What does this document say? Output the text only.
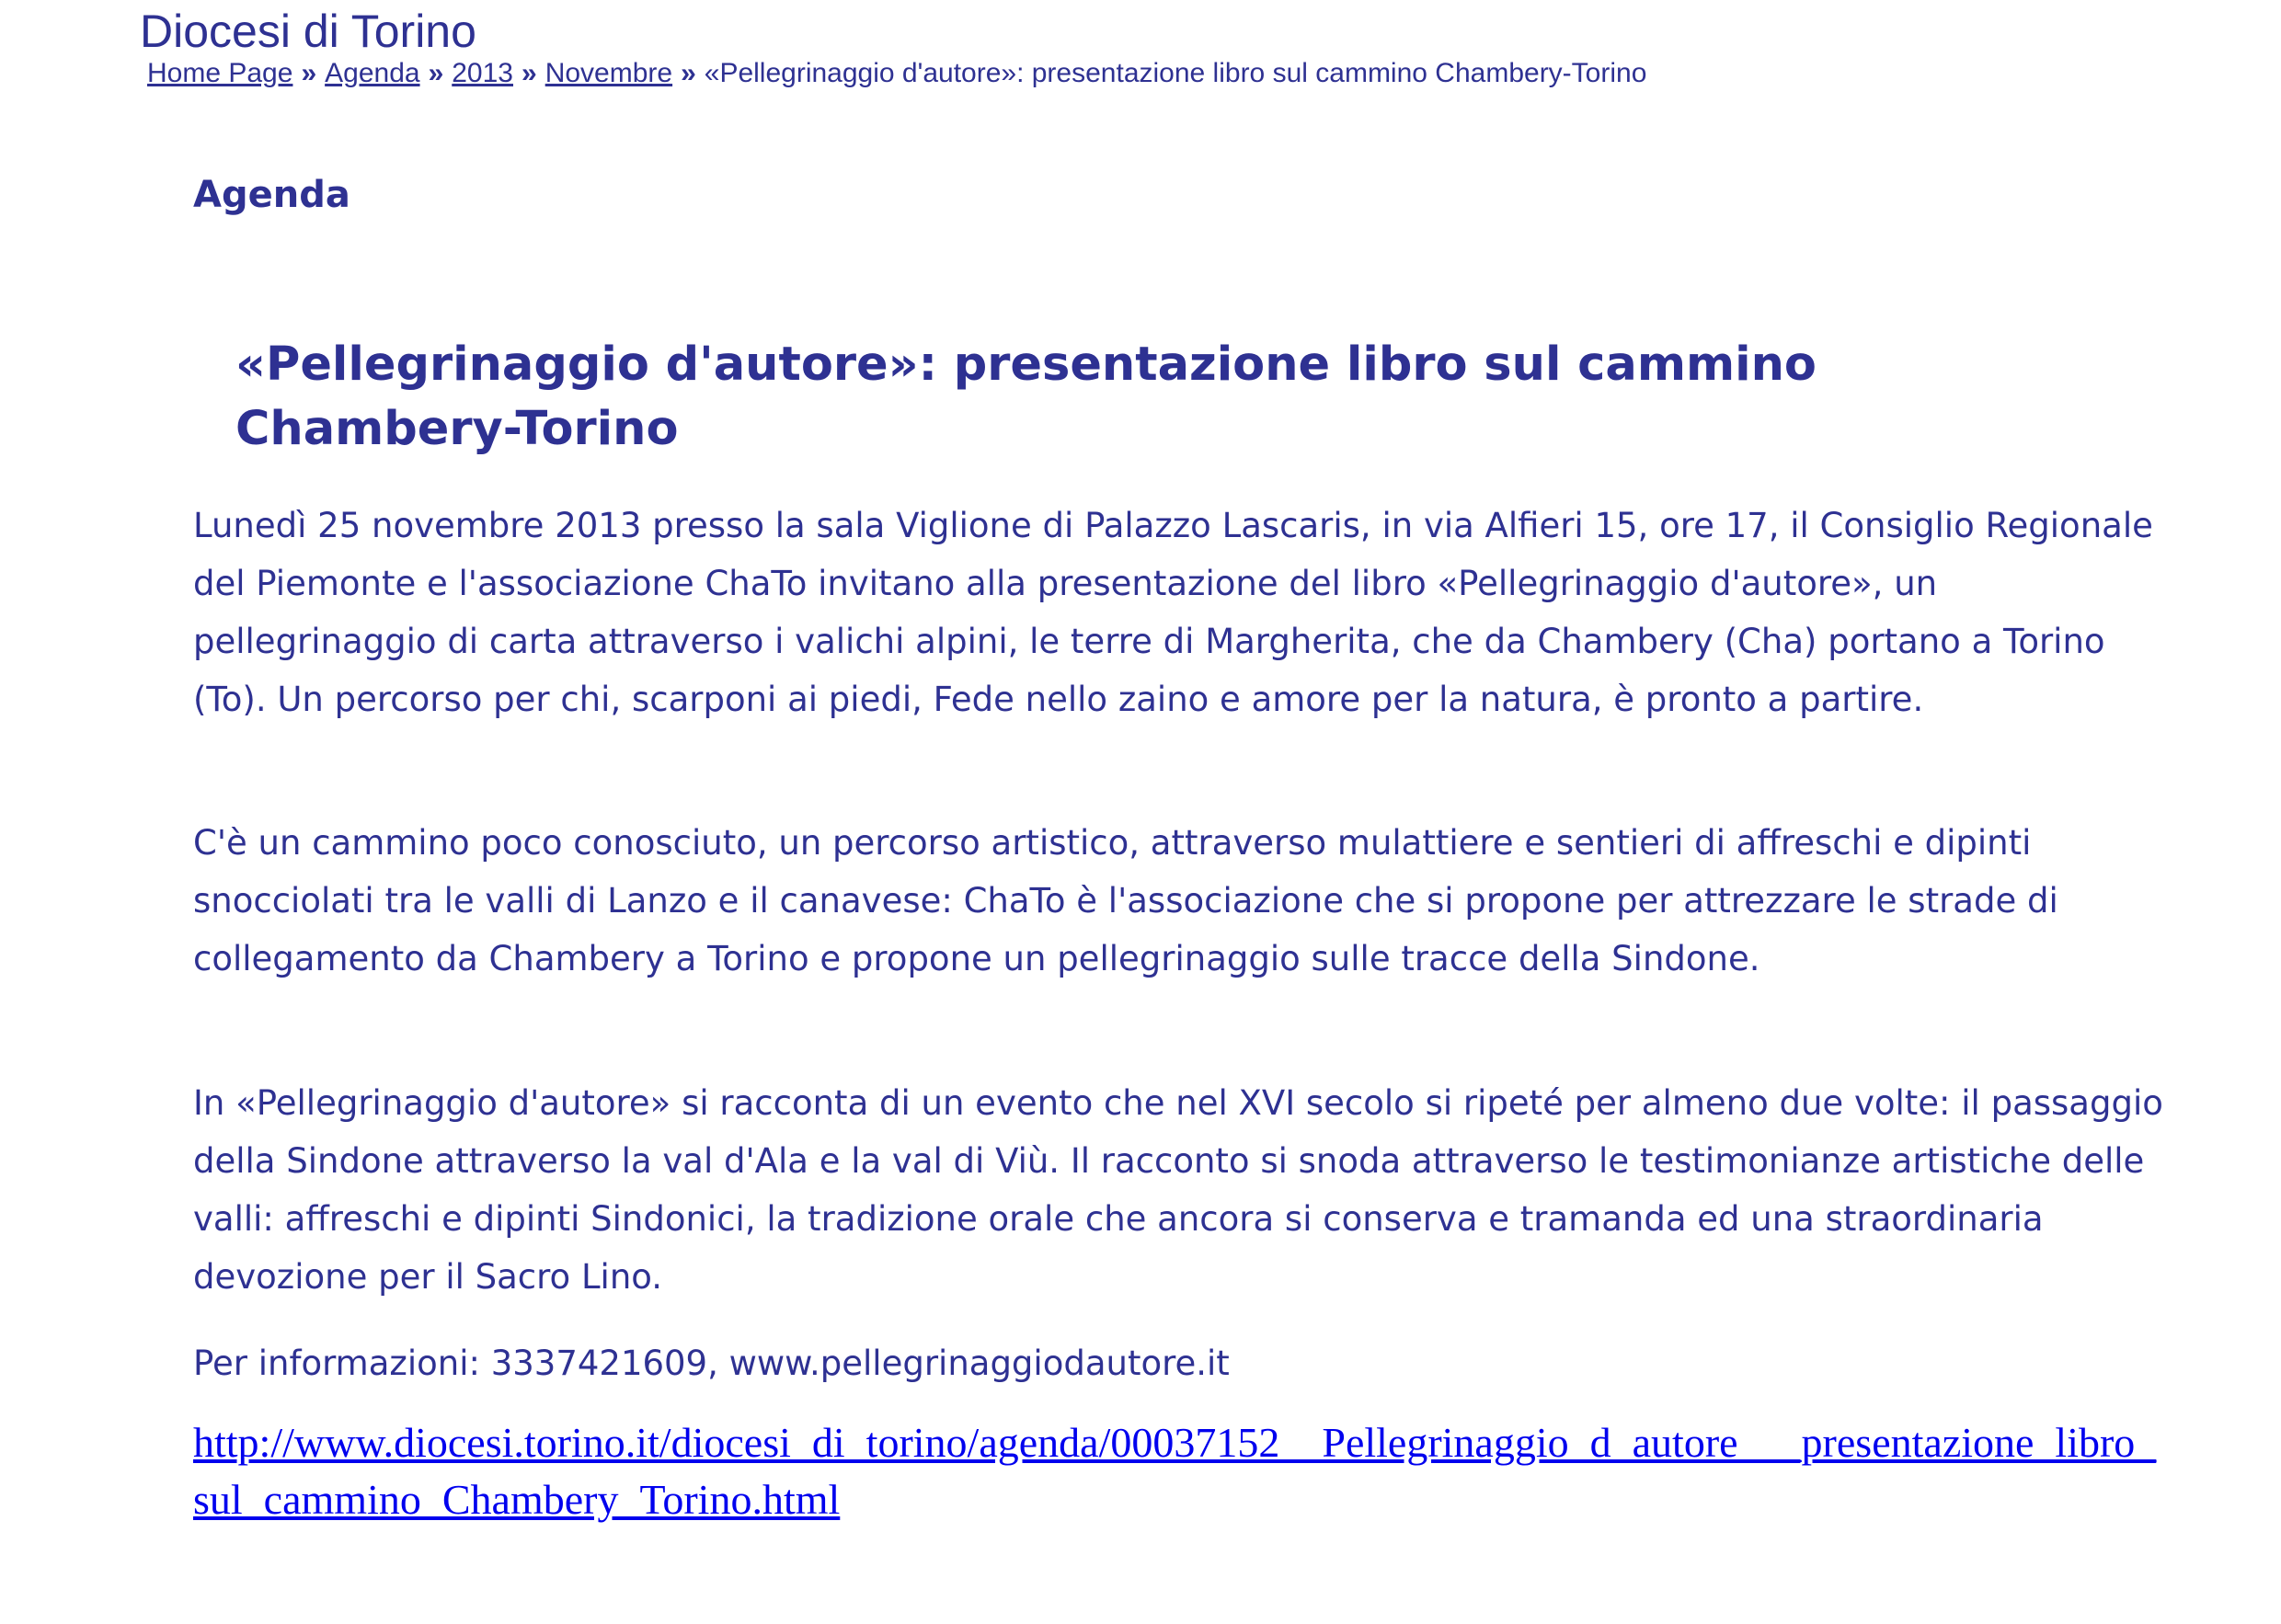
Diocesi di Torino
Home Page » Agenda » 2013 » Novembre » «Pellegrinaggio d'autore»: presentazione libro sul cammino Chambery-Torino
Agenda
«Pellegrinaggio d'autore»: presentazione libro sul cammino Chambery-Torino

Lunedì 25 novembre 2013 presso la sala Viglione di Palazzo Lascaris, in via Alfieri 15, ore 17, il Consiglio Regionale del Piemonte e l'associazione ChaTo invitano alla presentazione del libro «Pellegrinaggio d'autore», un pellegrinaggio di carta attraverso i valichi alpini, le terre di Margherita, che da Chambery (Cha) portano a Torino (To). Un percorso per chi, scarponi ai piedi, Fede nello zaino e amore per la natura, è pronto a partire.

C'è un cammino poco conosciuto, un percorso artistico, attraverso mulattiere e sentieri di affreschi e dipinti snocciolati tra le valli di Lanzo e il canavese: ChaTo è l'associazione che si propone per attrezzare le strade di collegamento da Chambery a Torino e propone un pellegrinaggio sulle tracce della Sindone.

In «Pellegrinaggio d'autore» si racconta di un evento che nel XVI secolo si ripeté per almeno due volte: il passaggio della Sindone attraverso la val d'Ala e la val di Viù. Il racconto si snoda attraverso le testimonianze artistiche delle valli: affreschi e dipinti Sindonici, la tradizione orale che ancora si conserva e tramanda ed una straordinaria devozione per il Sacro Lino.

Per informazioni: 3337421609, www.pellegrinaggiodautore.it

http://www.diocesi.torino.it/diocesi_di_torino/agenda/00037152__Pellegrinaggio_d_autore___presentazione_libro_sul_cammino_Chambery_Torino.html
